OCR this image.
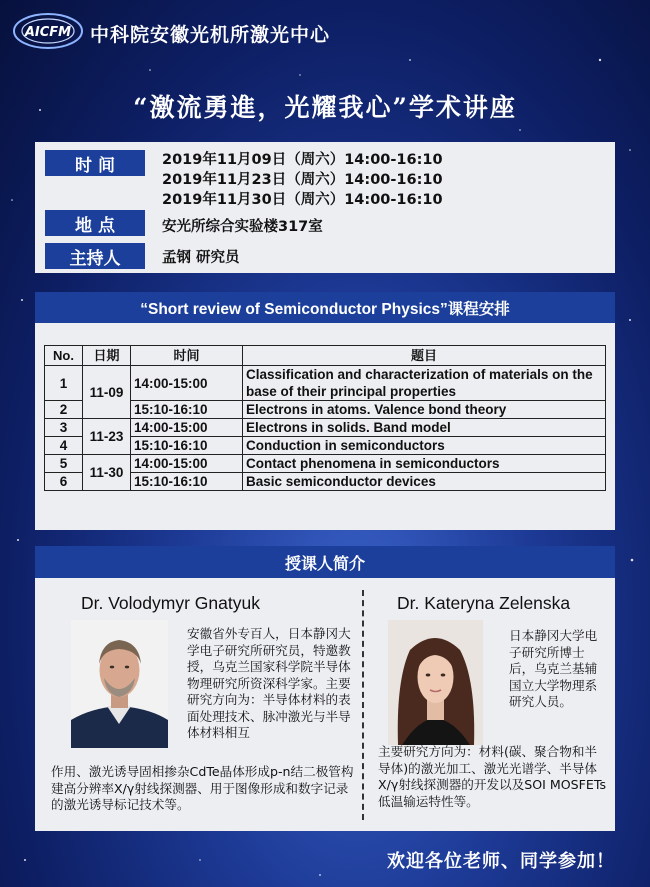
AICFM 中科院安徽光机所激光中心
“激流勇進，光耀我心”学术讲座
时 间	2019年11月09日（周六）14:00-16:10
2019年11月23日（周六）14:00-16:10
2019年11月30日（周六）14:00-16:10
地 点	安光所综合实验楼317室
主持人	孟钢 研究员
“Short review of Semiconductor Physics”课程安排
No.	日期	时间	题目
1	11-09	14:00-15:00	Classification and characterization of materials on the base of their principal properties
2		15:10-16:10	Electrons in atoms. Valence bond theory
3	11-23	14:00-15:00	Electrons in solids. Band model
4		15:10-16:10	Conduction in semiconductors
5	11-30	14:00-15:00	Contact phenomena in semiconductors
6		15:10-16:10	Basic semiconductor devices
授课人简介
Dr. Volodymyr Gnatyuk
安徽省外专百人，日本静冈大学电子研究所研究员，特邀教授，乌克兰国家科学院半导体物理研究所资深科学家。主要研究方向为：半导体材料的表面处理技术、脉冲激光与半导体材料相互
作用、激光诱导固相掺杂CdTe晶体形成p-n结二极管构建高分辨率X/γ射线探测器、用于图像形成和数字记录的激光诱导标记技术等。
Dr. Kateryna Zelenska
日本静冈大学电子研究所博士后，乌克兰基辅国立大学物理系研究人员。
主要研究方向为：材料(碳、聚合物和半导体)的激光加工、激光光谱学、半导体X/γ射线探测器的开发以及SOI MOSFETs低温输运特性等。
欢迎各位老师、同学参加！
